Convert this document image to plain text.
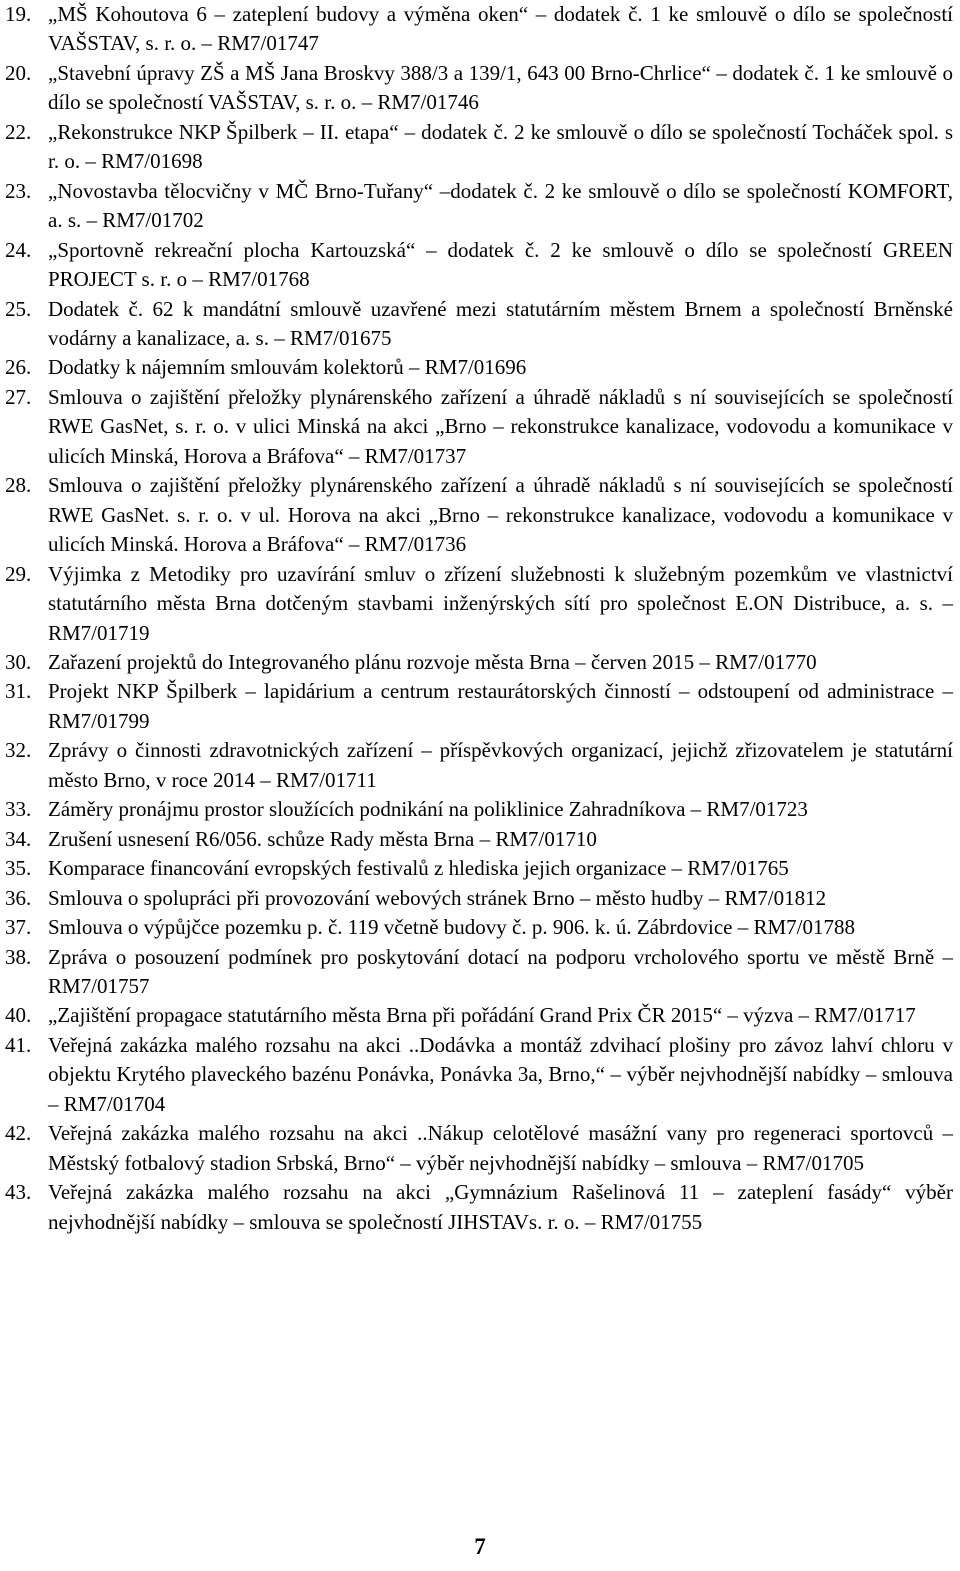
19. „MŠ Kohoutova 6 – zateplení budovy a výměna oken“ – dodatek č. 1 ke smlouvě o dílo se společností VAŠSTAV, s. r. o. – RM7/01747
20. „Stavební úpravy ZŠ a MŠ Jana Broskvy 388/3 a 139/1, 643 00 Brno-Chrlice“ – dodatek č. 1 ke smlouvě o dílo se společností VAŠSTAV, s. r. o. – RM7/01746
22. „Rekonstrukce NKP Špilberk – II. etapa“ – dodatek č. 2 ke smlouvě o dílo se společností Tocháček spol. s r. o. – RM7/01698
23. „Novostavba tělocvičny v MČ Brno-Tuřany“ –dodatek č. 2 ke smlouvě o dílo se společností KOMFORT, a. s. – RM7/01702
24. „Sportovně rekreační plocha Kartouzská“ – dodatek č. 2 ke smlouvě o dílo se společností GREEN PROJECT s. r. o – RM7/01768
25. Dodatek č. 62 k mandátní smlouvě uzavřené mezi statutárním městem Brnem a společností Brněnské vodárny a kanalizace, a. s. – RM7/01675
26. Dodatky k nájemním smlouvám kolektorů – RM7/01696
27. Smlouva o zajištění přeložky plynárenského zařízení a úhradě nákladů s ní souvisejících se společností RWE GasNet, s. r. o. v ulici Minská na akci „Brno – rekonstrukce kanalizace, vodovodu a komunikace v ulicích Minská, Horova a Bráfova“ – RM7/01737
28. Smlouva o zajištění přeložky plynárenského zařízení a úhradě nákladů s ní souvisejících se společností RWE GasNet. s. r. o. v ul. Horova na akci „Brno – rekonstrukce kanalizace, vodovodu a komunikace v ulicích Minská. Horova a Bráfova“ – RM7/01736
29. Výjimka z Metodiky pro uzavírání smluv o zřízení služebnosti k služebným pozemkům ve vlastnictví statutárního města Brna dotčeným stavbami inženýrských sítí pro společnost E.ON Distribuce, a. s. – RM7/01719
30. Zařazení projektů do Integrovaného plánu rozvoje města Brna – červen 2015 – RM7/01770
31. Projekt NKP Špilberk – lapidárium a centrum restaurátorských činností – odstoupení od administrace – RM7/01799
32. Zprávy o činnosti zdravotnických zařízení – příspěvkových organizací, jejichž zřizovatelem je statutární město Brno, v roce 2014 – RM7/01711
33. Záměry pronájmu prostor sloužících podnikání na poliklinice Zahradníkova – RM7/01723
34. Zrušení usnesení R6/056. schůze Rady města Brna – RM7/01710
35. Komparace financování evropských festivalů z hlediska jejich organizace – RM7/01765
36. Smlouva o spolupráci při provozování webových stránek Brno – město hudby – RM7/01812
37. Smlouva o výpůjčce pozemku p. č. 119 včetně budovy č. p. 906. k. ú. Zábrdovice – RM7/01788
38. Zpráva o posouzení podmínek pro poskytování dotací na podporu vrcholového sportu ve městě Brně – RM7/01757
40. „Zajištění propagace statutárního města Brna při pořádání Grand Prix ČR 2015“ – výzva – RM7/01717
41. Veřejná zakázka malého rozsahu na akci ..Dodávka a montáž zdvihací plošiny pro závoz lahví chloru v objektu Krytého plaveckého bazénu Ponávka, Ponávka 3a, Brno,“ – výběr nejvhodnější nabídky – smlouva – RM7/01704
42. Veřejná zakázka malého rozsahu na akci ..Nákup celotělové masážní vany pro regeneraci sportovců – Městský fotbalový stadion Srbská, Brno“ – výběr nejvhodnější nabídky – smlouva – RM7/01705
43. Veřejná zakázka malého rozsahu na akci „Gymnázium Rašelinová 11 – zateplení fasády“ výběr nejvhodnější nabídky – smlouva se společností JIHSTAVs. r. o. – RM7/01755
7
